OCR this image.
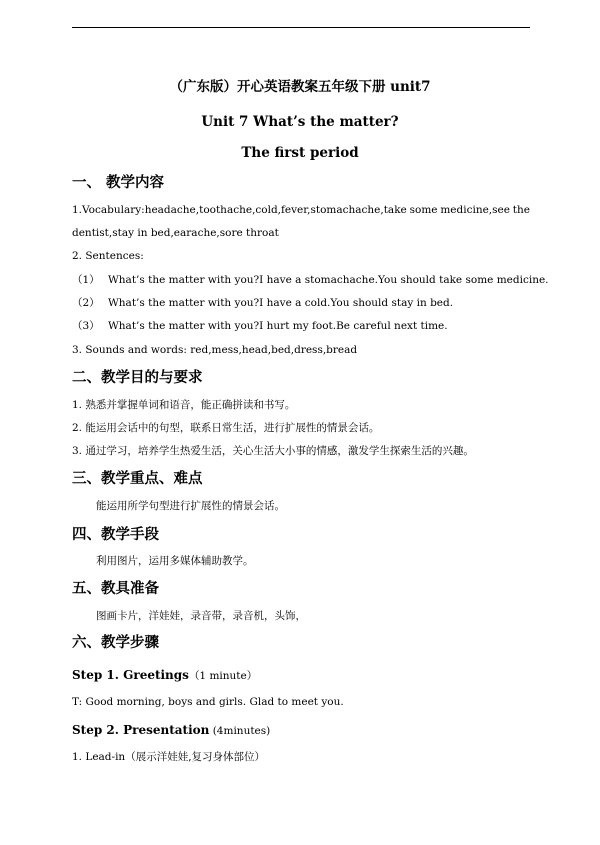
（广东版）开心英语教案五年级下册 unit7
Unit 7 What’s the matter?
The first period
一、 教学内容
1.Vocabulary:headache,toothache,cold,fever,stomachache,take some medicine,see the
dentist,stay in bed,earache,sore throat
2. Sentences:
（1） What’s the matter with you?I have a stomachache.You should take some medicine.
（2） What’s the matter with you?I have a cold.You should stay in bed.
（3） What’s the matter with you?I hurt my foot.Be careful next time.
3. Sounds and words: red,mess,head,bed,dress,bread
二、教学目的与要求
1. 熟悉并掌握单词和语音，能正确拼读和书写。
2. 能运用会话中的句型，联系日常生活，进行扩展性的情景会话。
3. 通过学习，培养学生热爱生活，关心生活大小事的情感，激发学生探索生活的兴趣。
三、教学重点、难点
能运用所学句型进行扩展性的情景会话。
四、教学手段
利用图片，运用多媒体辅助教学。
五、教具准备
图画卡片，洋娃娃，录音带，录音机，头饰，
六、教学步骤
Step 1. Greetings（1 minute）
T: Good morning, boys and girls. Glad to meet you.
Step 2. Presentation (4minutes)
1. Lead-in（展示洋娃娃,复习身体部位）
